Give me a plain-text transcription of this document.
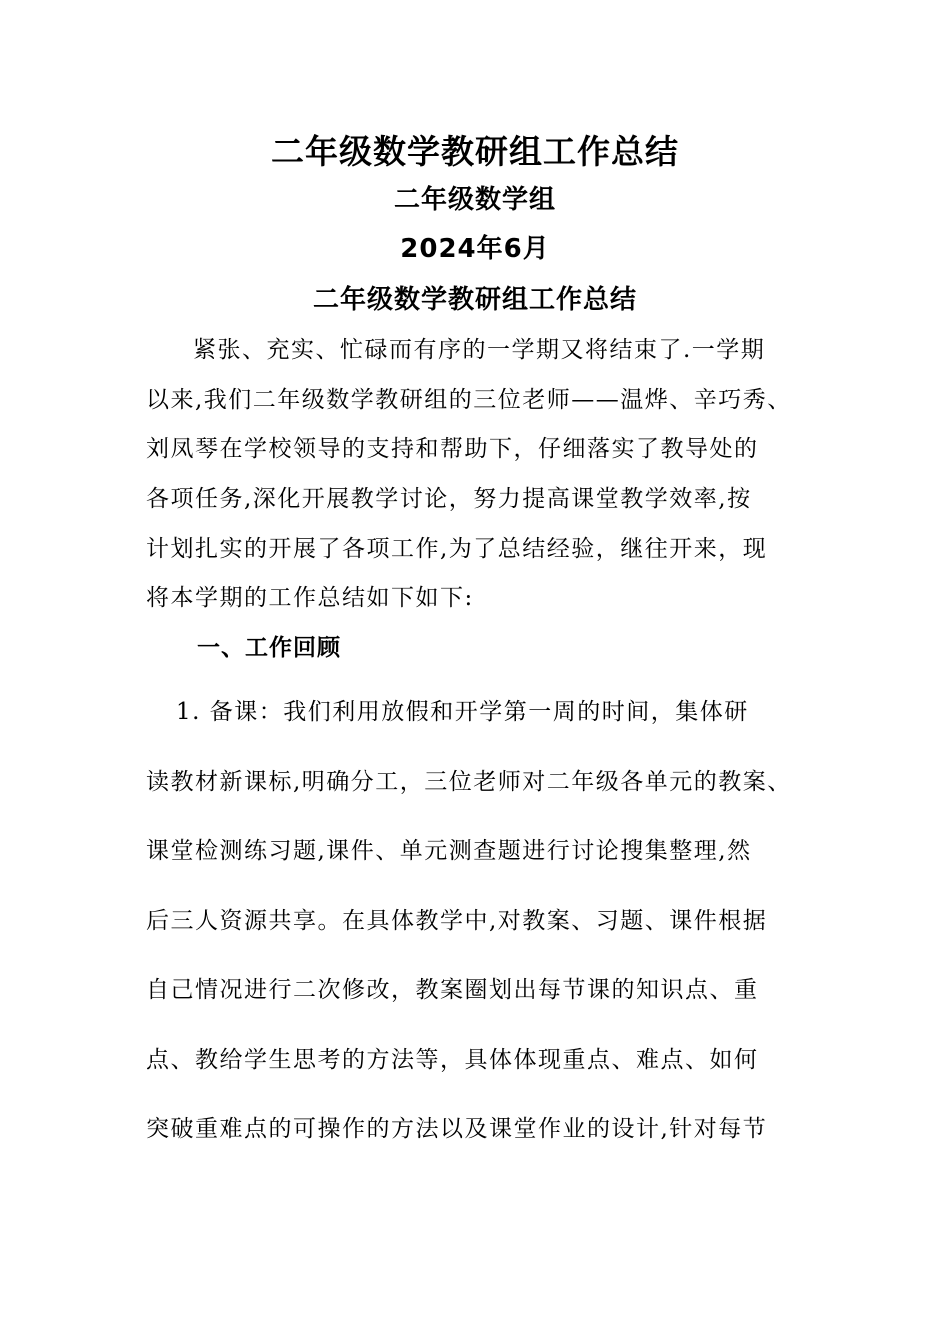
二年级数学教研组工作总结
二年级数学组
2024年6月
二年级数学教研组工作总结
紧张、充实、忙碌而有序的一学期又将结束了.一学期
以来,我们二年级数学教研组的三位老师——温烨、辛巧秀、
刘凤琴在学校领导的支持和帮助下，仔细落实了教导处的
各项任务,深化开展教学讨论，努力提高课堂教学效率,按
计划扎实的开展了各项工作,为了总结经验，继往开来，现
将本学期的工作总结如下如下:
一、工作回顾
1. 备课：我们利用放假和开学第一周的时间，集体研
读教材新课标,明确分工，三位老师对二年级各单元的教案、
课堂检测练习题,课件、单元测查题进行讨论搜集整理,然
后三人资源共享。在具体教学中,对教案、习题、课件根据
自己情况进行二次修改，教案圈划出每节课的知识点、重
点、教给学生思考的方法等，具体体现重点、难点、如何
突破重难点的可操作的方法以及课堂作业的设计,针对每节
